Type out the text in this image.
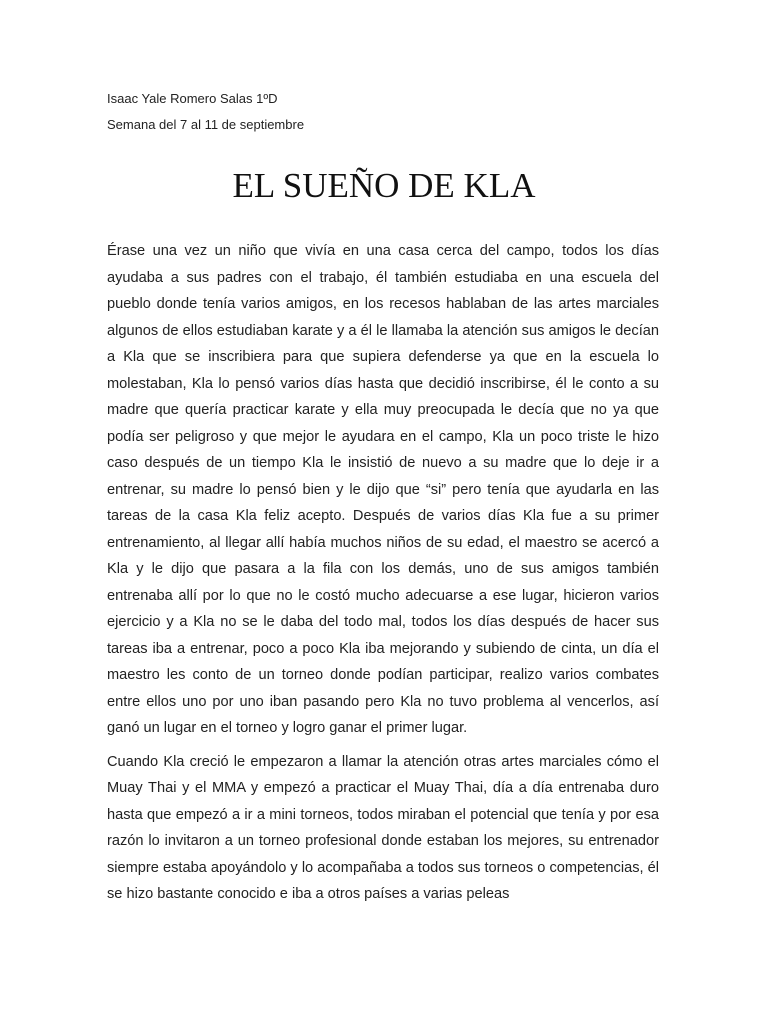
Isaac Yale Romero Salas 1ºD
Semana del 7 al 11 de septiembre
EL SUEÑO DE KLA

Érase una vez un niño que vivía en una casa cerca del campo, todos los días ayudaba a sus padres con el trabajo, él también estudiaba en una escuela del pueblo donde tenía varios amigos, en los recesos hablaban de las artes marciales algunos de ellos estudiaban karate y a él le llamaba la atención sus amigos le decían a Kla que se inscribiera para que supiera defenderse ya que en la escuela lo molestaban, Kla lo pensó varios días hasta que decidió inscribirse, él le conto a su madre que quería practicar karate y ella muy preocupada le decía que no ya que podía ser peligroso y que mejor le ayudara en el campo, Kla un poco triste le hizo caso después de un tiempo Kla le insistió de nuevo a su madre que lo deje ir a entrenar, su madre lo pensó bien y le dijo que “si” pero tenía que ayudarla en las tareas de la casa Kla feliz acepto. Después de varios días Kla fue a su primer entrenamiento, al llegar allí había muchos niños de su edad, el maestro se acercó a Kla y le dijo que pasara a la fila con los demás, uno de sus amigos también entrenaba allí por lo que no le costó mucho adecuarse a ese lugar, hicieron varios ejercicio y a Kla no se le daba del todo mal, todos los días después de hacer sus tareas iba a entrenar, poco a poco Kla iba mejorando y subiendo de cinta, un día el maestro les conto de un torneo donde podían participar, realizo varios combates entre ellos uno por uno iban pasando pero Kla no tuvo problema al vencerlos, así ganó un lugar en el torneo y logro ganar el primer lugar.

Cuando Kla creció le empezaron a llamar la atención otras artes marciales cómo el Muay Thai y el MMA y empezó a practicar el Muay Thai, día a día entrenaba duro hasta que empezó a ir a mini torneos, todos miraban el potencial que tenía y por esa razón lo invitaron a un torneo profesional donde estaban los mejores, su entrenador siempre estaba apoyándolo y lo acompañaba a todos sus torneos o competencias, él se hizo bastante conocido e iba a otros países a varias peleas
